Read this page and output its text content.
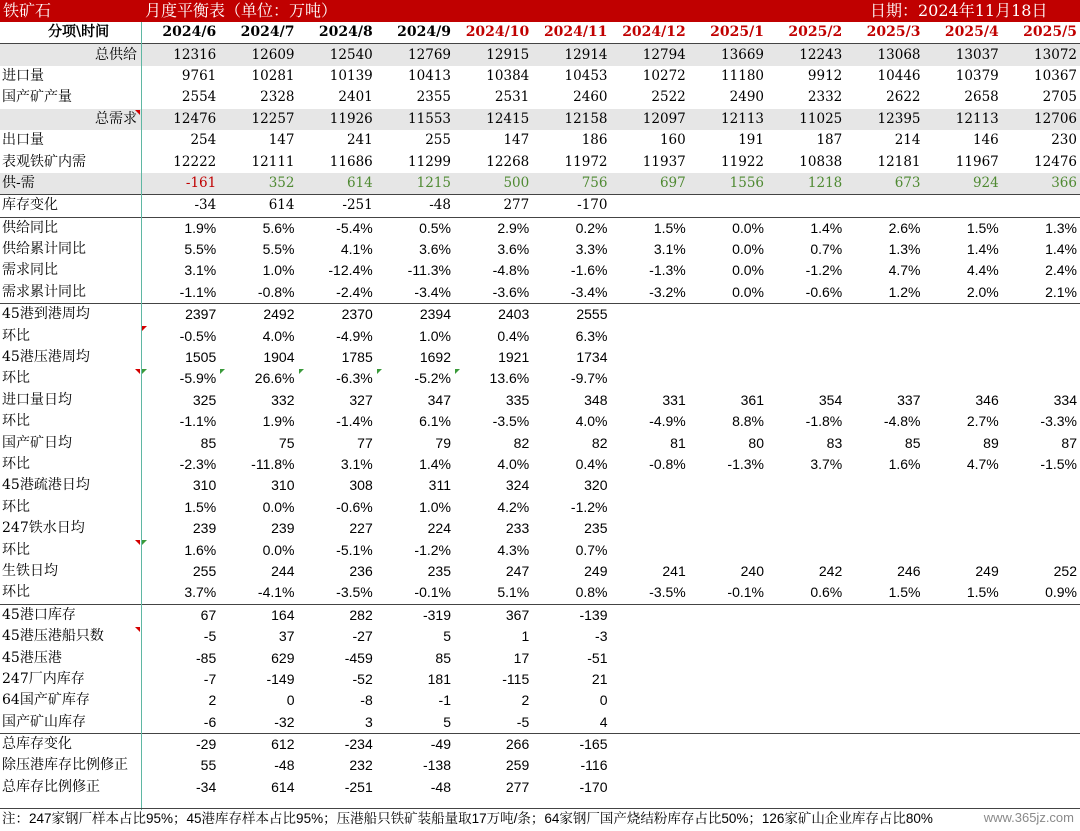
铁矿石	月度平衡表（单位：万吨）	日期：2024年11月18日
分项\时间	2024/6	2024/7	2024/8	2024/9	2024/10	2024/11	2024/12	2025/1	2025/2	2025/3	2025/4	2025/5
总供给	12316	12609	12540	12769	12915	12914	12794	13669	12243	13068	13037	13072
进口量	9761	10281	10139	10413	10384	10453	10272	11180	9912	10446	10379	10367
国产矿产量	2554	2328	2401	2355	2531	2460	2522	2490	2332	2622	2658	2705
总需求	12476	12257	11926	11553	12415	12158	12097	12113	11025	12395	12113	12706
出口量	254	147	241	255	147	186	160	191	187	214	146	230
表观铁矿内需	12222	12111	11686	11299	12268	11972	11937	11922	10838	12181	11967	12476
供-需	-161	352	614	1215	500	756	697	1556	1218	673	924	366
库存变化	-34	614	-251	-48	277	-170						
供给同比	1.9%	5.6%	-5.4%	0.5%	2.9%	0.2%	1.5%	0.0%	1.4%	2.6%	1.5%	1.3%
供给累计同比	5.5%	5.5%	4.1%	3.6%	3.6%	3.3%	3.1%	0.0%	0.7%	1.3%	1.4%	1.4%
需求同比	3.1%	1.0%	-12.4%	-11.3%	-4.8%	-1.6%	-1.3%	0.0%	-1.2%	4.7%	4.4%	2.4%
需求累计同比	-1.1%	-0.8%	-2.4%	-3.4%	-3.6%	-3.4%	-3.2%	0.0%	-0.6%	1.2%	2.0%	2.1%
45港到港周均	2397	2492	2370	2394	2403	2555						
环比	-0.5%	4.0%	-4.9%	1.0%	0.4%	6.3%						
45港压港周均	1505	1904	1785	1692	1921	1734						
环比	-5.9%	26.6%	-6.3%	-5.2%	13.6%	-9.7%						
进口量日均	325	332	327	347	335	348	331	361	354	337	346	334
环比	-1.1%	1.9%	-1.4%	6.1%	-3.5%	4.0%	-4.9%	8.8%	-1.8%	-4.8%	2.7%	-3.3%
国产矿日均	85	75	77	79	82	82	81	80	83	85	89	87
环比	-2.3%	-11.8%	3.1%	1.4%	4.0%	0.4%	-0.8%	-1.3%	3.7%	1.6%	4.7%	-1.5%
45港疏港日均	310	310	308	311	324	320						
环比	1.5%	0.0%	-0.6%	1.0%	4.2%	-1.2%						
247铁水日均	239	239	227	224	233	235						
环比	1.6%	0.0%	-5.1%	-1.2%	4.3%	0.7%						
生铁日均	255	244	236	235	247	249	241	240	242	246	249	252
环比	3.7%	-4.1%	-3.5%	-0.1%	5.1%	0.8%	-3.5%	-0.1%	0.6%	1.5%	1.5%	0.9%
45港口库存	67	164	282	-319	367	-139						
45港压港船只数	-5	37	-27	5	1	-3						
45港压港	-85	629	-459	85	17	-51						
247厂内库存	-7	-149	-52	181	-115	21						
64国产矿库存	2	0	-8	-1	2	0						
国产矿山库存	-6	-32	3	5	-5	4						
总库存变化	-29	612	-234	-49	266	-165						
除压港库存比例修正	55	-48	232	-138	259	-116						
总库存比例修正	-34	614	-251	-48	277	-170						
注：247家钢厂样本占比95%；45港库存样本占比95%；压港船只铁矿装船量取17万吨/条；64家钢厂国产烧结粉库存占比50%；126家矿山企业库存占比80%	www.365jz.com
